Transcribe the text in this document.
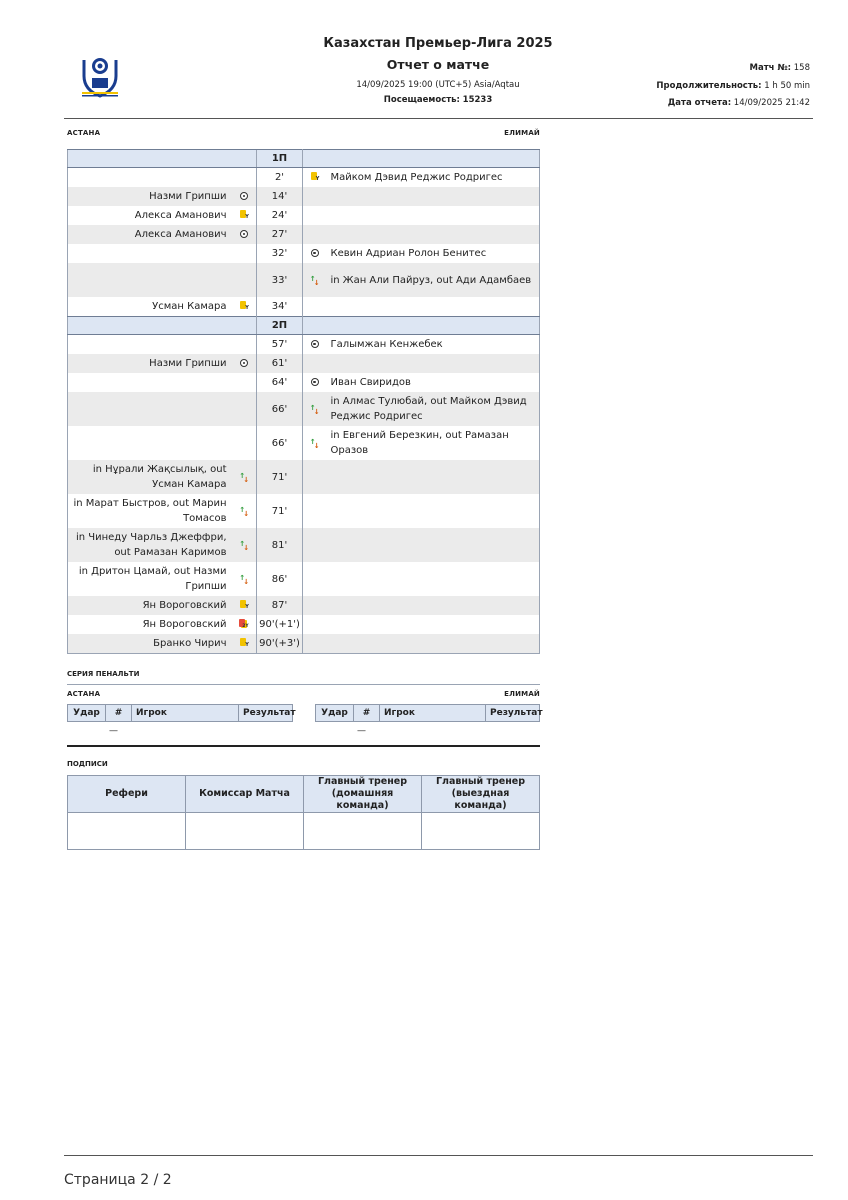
Казахстан Премьер-Лига 2025
Отчет о матче
14/09/2025 19:00 (UTC+5) Asia/Aqtau
Посещаемость: 15233
Матч №: 158
Продолжительность: 1 h 50 min
Дата отчета: 14/09/2025 21:42
АСТАНА	ЕЛИМАЙ
		1П		
		2'	Y	Майком Дэвид Реджис Родригес
Назми Грипши		14'		
Алекса Аманович	Y	24'		
Алекса Аманович		27'		
		32'		Кевин Адриан Ролон Бенитес
		33'	↑ ↓	in Жан Али Пайруз, out Ади Адамбаев
Усман Камара	Y	34'		
		2П		
		57'		Галымжан Кенжебек
Назми Грипши		61'		
		64'		Иван Свиридов
		66'	↑ ↓	in Алмас Тулюбай, out Майком Дэвид Реджис Родригес
		66'	↑ ↓	in Евгений Березкин, out Рамазан Оразов
in Нұрали Жақсылық, out Усман Камара	↑ ↓	71'		
in Марат Быстров, out Марин Томасов	↑ ↓	71'		
in Чинеду Чарльз Джеффри, out Рамазан Каримов	↑ ↓	81'		
in Дритон Цамай, out Назми Грипши	↑ ↓	86'		
Ян Вороговский	Y	87'		
Ян Вороговский	2Y	90'(+1')		
Бранко Чирич	Y	90'(+3')		
СЕРИЯ ПЕНАЛЬТИ
АСТАНА	ЕЛИМАЙ
Удар	#	Игрок	Результат
—
Удар	#	Игрок	Результат
—
ПОДПИСИ
Рефери	Комиссар Матча	Главный тренер (домашняя команда)	Главный тренер (выездная команда)

Страница 2 / 2
